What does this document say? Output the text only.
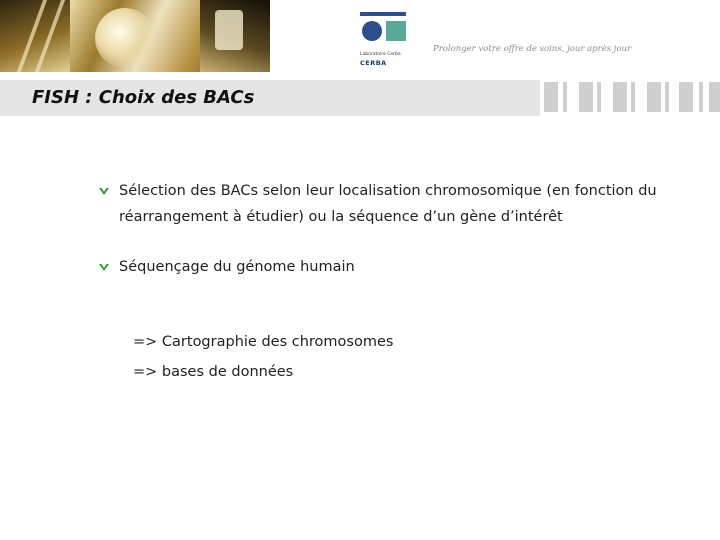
Laboratoire Cerba
CERBA
Prolonger votre offre de soins, jour après jour
FISH : Choix des BACs
Sélection des BACs selon leur localisation chromosomique (en fonction du réarrangement à étudier) ou la séquence d’un gène d’intérêt
Séquençage du génome humain
=> Cartographie des chromosomes
=> bases de données
